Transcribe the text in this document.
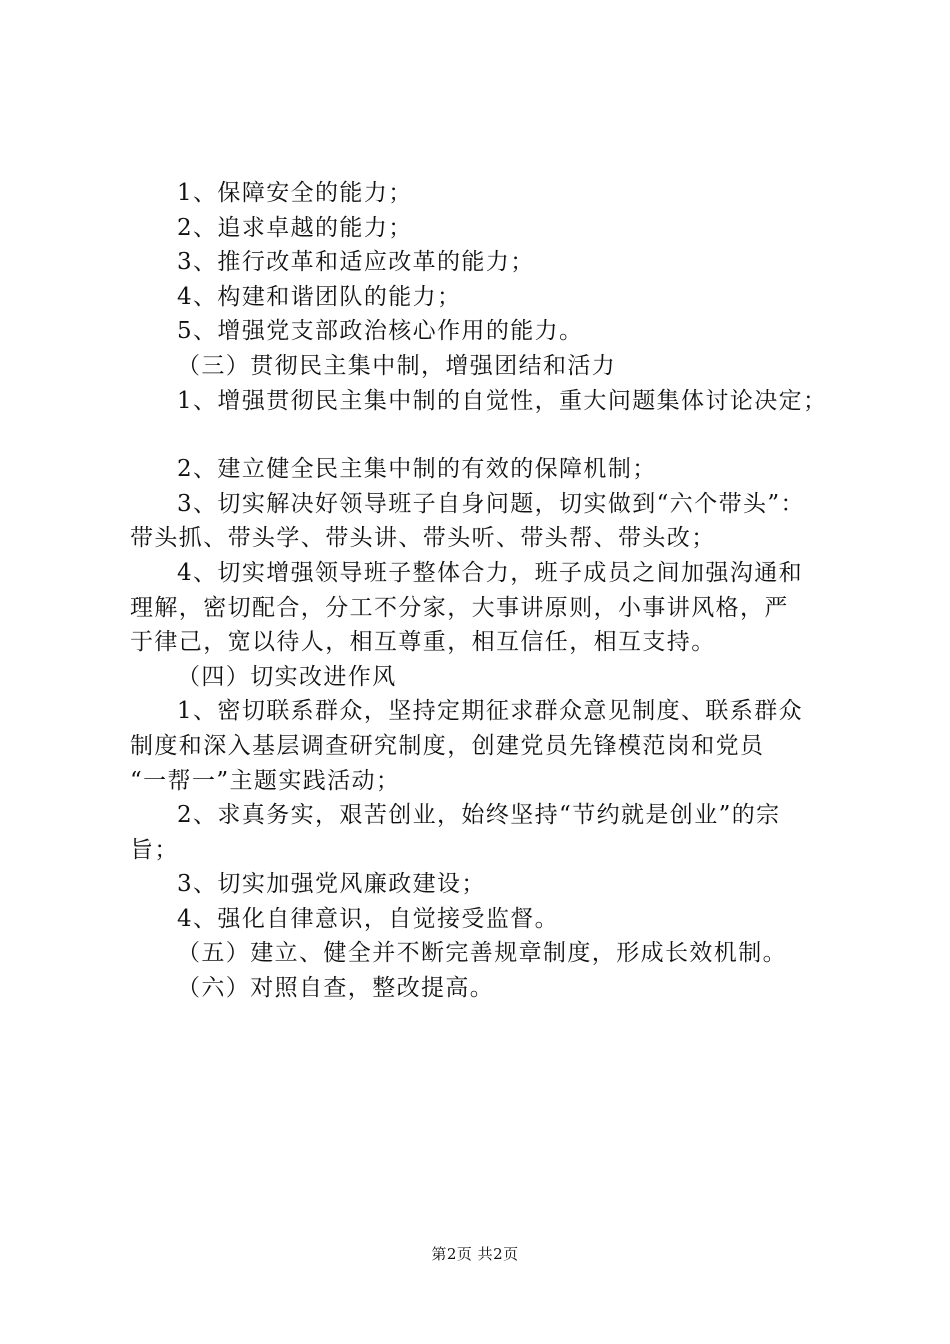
1、保障安全的能力；
2、追求卓越的能力；
3、推行改革和适应改革的能力；
4、构建和谐团队的能力；
5、增强党支部政治核心作用的能力。
（三）贯彻民主集中制，增强团结和活力
1、增强贯彻民主集中制的自觉性，重大问题集体讨论决定；
2、建立健全民主集中制的有效的保障机制；
3、切实解决好领导班子自身问题，切实做到“六个带头”：
带头抓、带头学、带头讲、带头听、带头帮、带头改；
4、切实增强领导班子整体合力，班子成员之间加强沟通和
理解，密切配合，分工不分家，大事讲原则，小事讲风格，严
于律己，宽以待人，相互尊重，相互信任，相互支持。
（四）切实改进作风
1、密切联系群众，坚持定期征求群众意见制度、联系群众
制度和深入基层调查研究制度，创建党员先锋模范岗和党员
“一帮一”主题实践活动；
2、求真务实，艰苦创业，始终坚持“节约就是创业”的宗
旨；
3、切实加强党风廉政建设；
4、强化自律意识，自觉接受监督。
（五）建立、健全并不断完善规章制度，形成长效机制。
（六）对照自查，整改提高。
第2页 共2页
